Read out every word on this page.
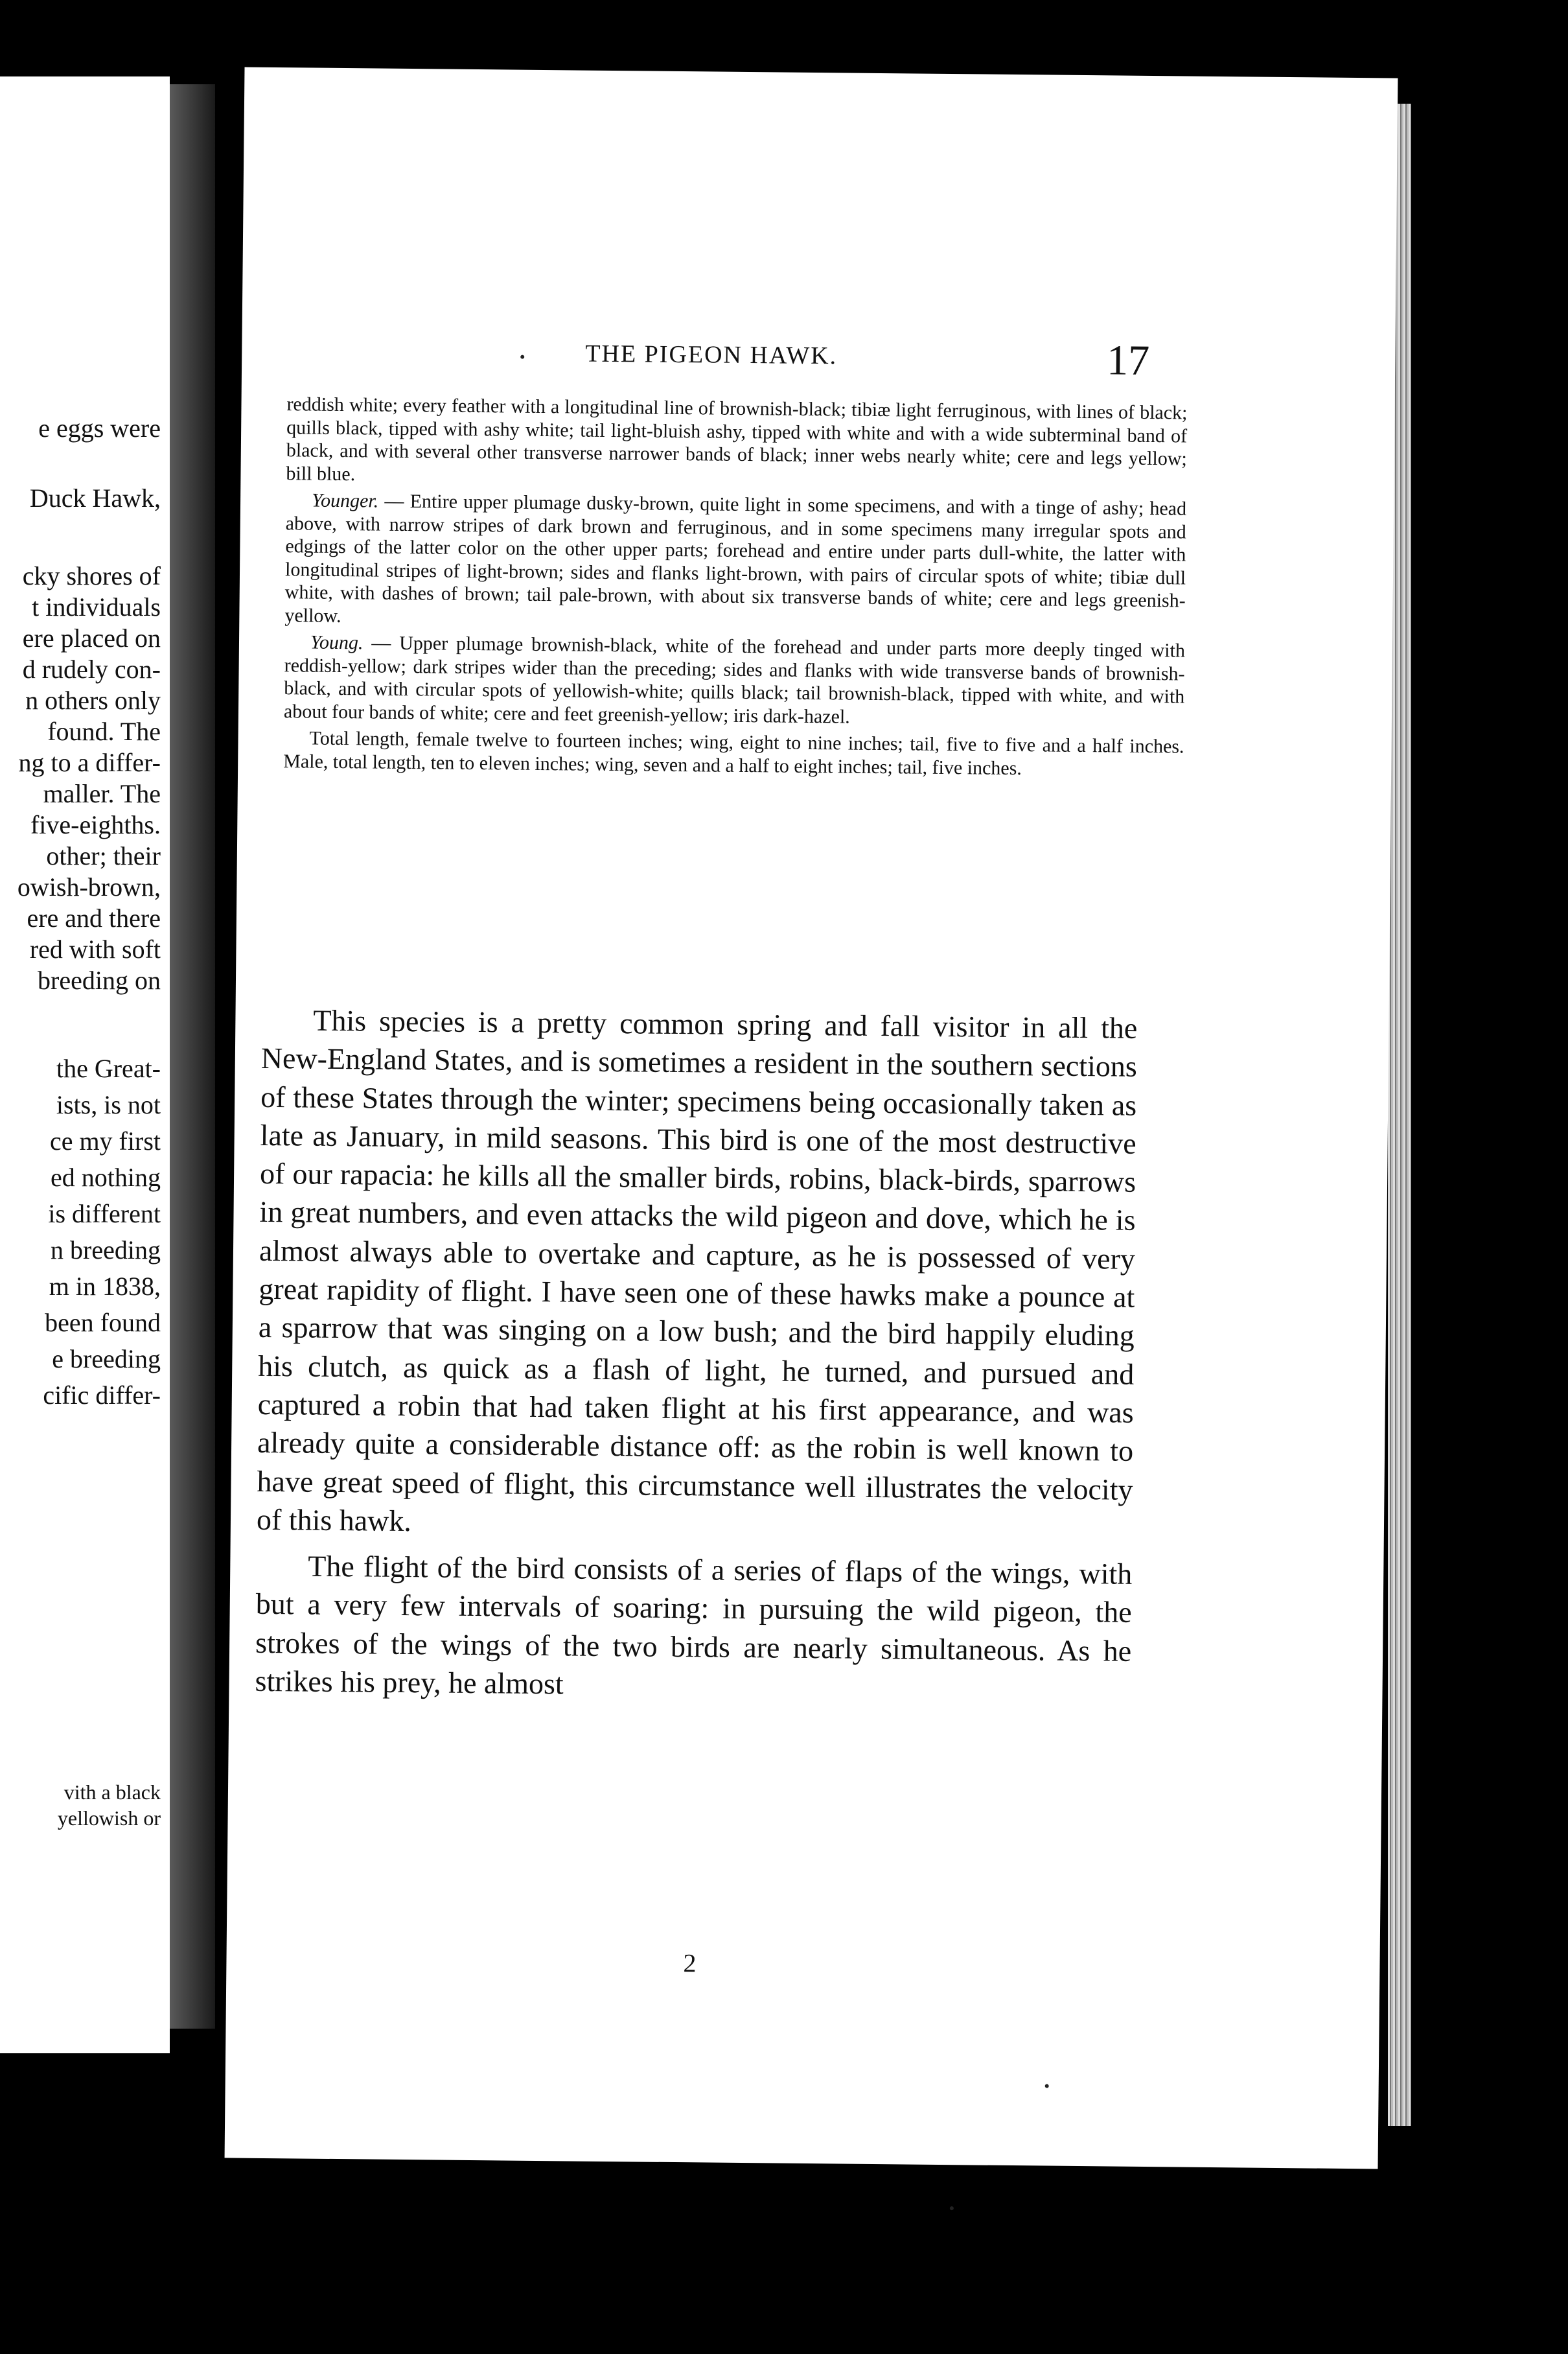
e eggs were
Duck Hawk,
cky shores of
t individuals
ere placed on
d rudely con-
n others only
found. The
ng to a differ-
maller. The
five-eighths.
other; their
owish-brown,
ere and there
red with soft
breeding on
the Great-
ists, is not
ce my first
ed nothing
is different
n breeding
m in 1838,
been found
e breeding
cific differ-
vith a black
yellowish or
THE PIGEON HAWK.	17

reddish white; every feather with a longitudinal line of brownish-black; tibiæ light ferruginous, with lines of black; quills black, tipped with ashy white; tail light-bluish ashy, tipped with white and with a wide subterminal band of black, and with several other transverse narrower bands of black; inner webs nearly white; cere and legs yellow; bill blue.

Younger. — Entire upper plumage dusky-brown, quite light in some specimens, and with a tinge of ashy; head above, with narrow stripes of dark brown and ferruginous, and in some specimens many irregular spots and edgings of the latter color on the other upper parts; forehead and entire under parts dull-white, the latter with longitudinal stripes of light-brown; sides and flanks light-brown, with pairs of circular spots of white; tibiæ dull white, with dashes of brown; tail pale-brown, with about six transverse bands of white; cere and legs greenish-yellow.

Young. — Upper plumage brownish-black, white of the forehead and under parts more deeply tinged with reddish-yellow; dark stripes wider than the preceding; sides and flanks with wide transverse bands of brownish-black, and with circular spots of yellowish-white; quills black; tail brownish-black, tipped with white, and with about four bands of white; cere and feet greenish-yellow; iris dark-hazel.

Total length, female twelve to fourteen inches; wing, eight to nine inches; tail, five to five and a half inches. Male, total length, ten to eleven inches; wing, seven and a half to eight inches; tail, five inches.

This species is a pretty common spring and fall visitor in all the New-England States, and is sometimes a resident in the southern sections of these States through the winter; specimens being occasionally taken as late as January, in mild seasons. This bird is one of the most destructive of our rapacia: he kills all the smaller birds, robins, black-birds, sparrows in great numbers, and even attacks the wild pigeon and dove, which he is almost always able to overtake and capture, as he is possessed of very great rapidity of flight. I have seen one of these hawks make a pounce at a sparrow that was singing on a low bush; and the bird happily eluding his clutch, as quick as a flash of light, he turned, and pursued and captured a robin that had taken flight at his first appearance, and was already quite a considerable distance off: as the robin is well known to have great speed of flight, this circumstance well illustrates the velocity of this hawk.

The flight of the bird consists of a series of flaps of the wings, with but a very few intervals of soaring: in pursuing the wild pigeon, the strokes of the wings of the two birds are nearly simultaneous. As he strikes his prey, he almost

2
